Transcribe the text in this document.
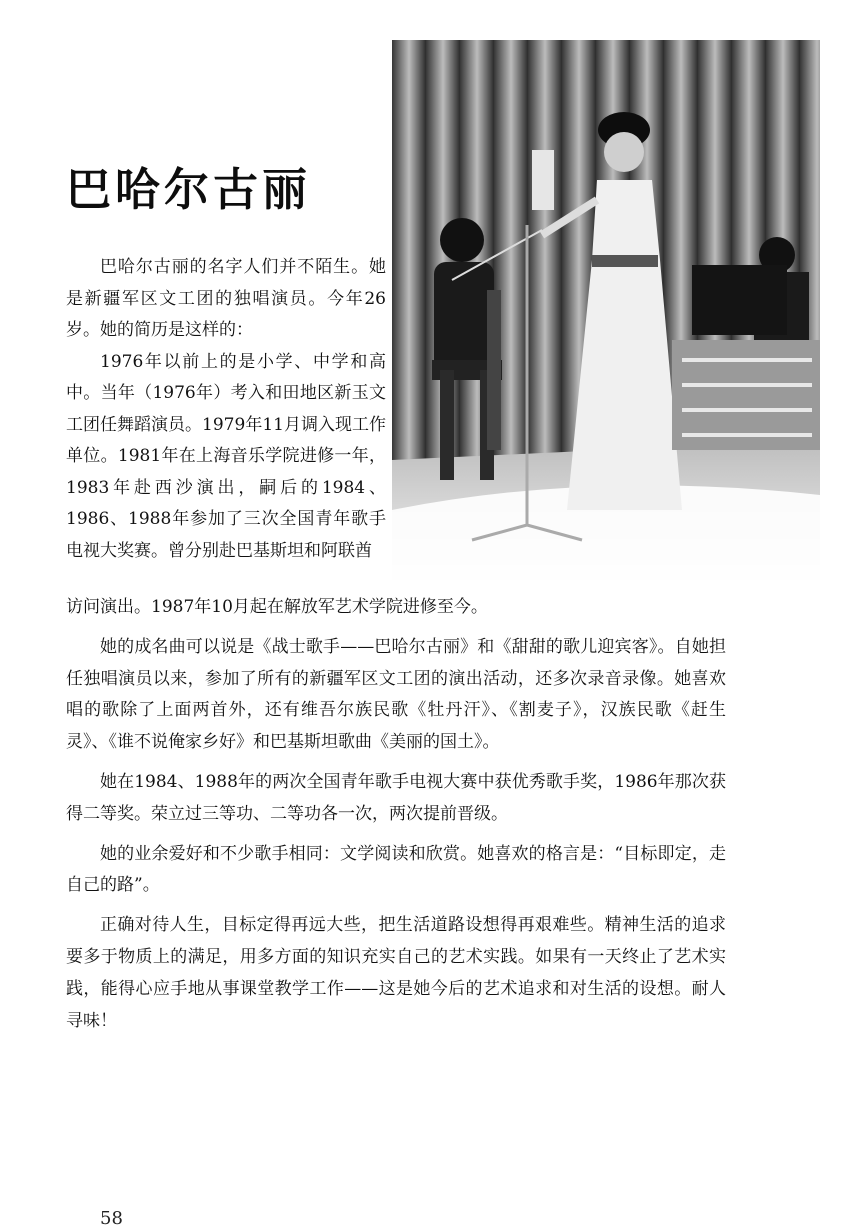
巴哈尔古丽

巴哈尔古丽的名字人们并不陌生。她是新疆军区文工团的独唱演员。今年26岁。她的简历是这样的：

1976年以前上的是小学、中学和高中。当年（1976年）考入和田地区新玉文工团任舞蹈演员。1979年11月调入现工作单位。1981年在上海音乐学院进修一年，1983年赴西沙演出，嗣后的1984、1986、1988年参加了三次全国青年歌手电视大奖赛。曾分别赴巴基斯坦和阿联酋

访问演出。1987年10月起在解放军艺术学院进修至今。

她的成名曲可以说是《战士歌手——巴哈尔古丽》和《甜甜的歌儿迎宾客》。自她担任独唱演员以来，参加了所有的新疆军区文工团的演出活动，还多次录音录像。她喜欢唱的歌除了上面两首外，还有维吾尔族民歌《牡丹汗》、《割麦子》，汉族民歌《赶生灵》、《谁不说俺家乡好》和巴基斯坦歌曲《美丽的国土》。

她在1984、1988年的两次全国青年歌手电视大赛中获优秀歌手奖，1986年那次获得二等奖。荣立过三等功、二等功各一次，两次提前晋级。

她的业余爱好和不少歌手相同：文学阅读和欣赏。她喜欢的格言是：“目标即定，走自己的路”。

正确对待人生，目标定得再远大些，把生活道路设想得再艰难些。精神生活的追求要多于物质上的满足，用多方面的知识充实自己的艺术实践。如果有一天终止了艺术实践，能得心应手地从事课堂教学工作——这是她今后的艺术追求和对生活的设想。耐人寻味！

58
